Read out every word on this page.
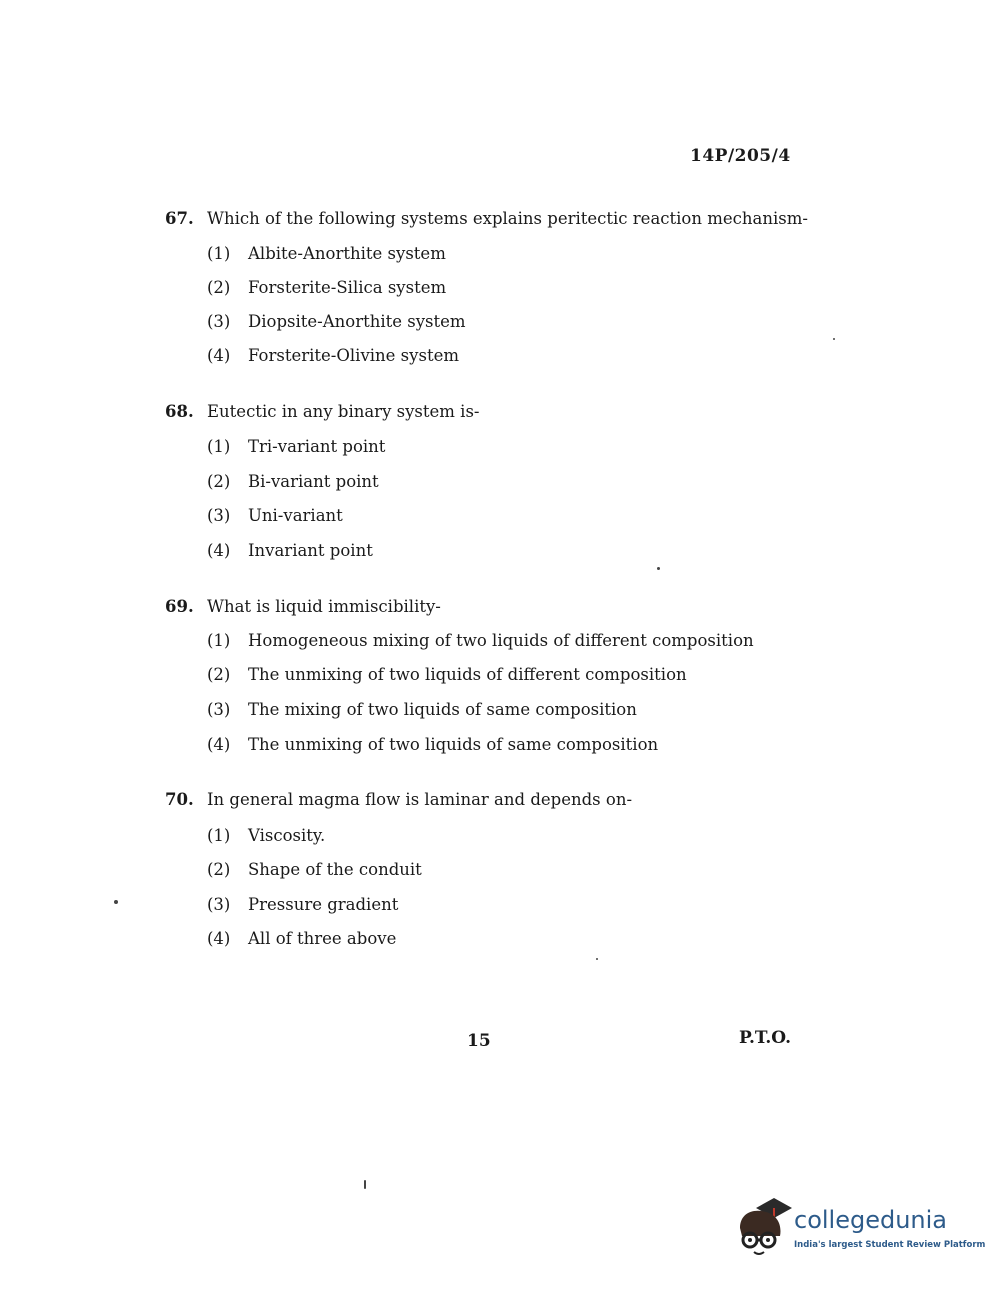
14P/205/4
67. Which of the following systems explains peritectic reaction mechanism-
(1) Albite-Anorthite system
(2) Forsterite-Silica system
(3) Diopsite-Anorthite system
(4) Forsterite-Olivine system
68. Eutectic in any binary system is-
(1) Tri-variant point
(2) Bi-variant point
(3) Uni-variant
(4) Invariant point
69. What is liquid immiscibility-
(1) Homogeneous mixing of two liquids of different composition
(2) The unmixing of two liquids of different composition
(3) The mixing of two liquids of same composition
(4) The unmixing of two liquids of same composition
70. In general magma flow is laminar and depends on-
(1) Viscosity.
(2) Shape of the conduit
(3) Pressure gradient
(4) All of three above
15	P.T.O.
collegedunia
India's largest Student Review Platform
